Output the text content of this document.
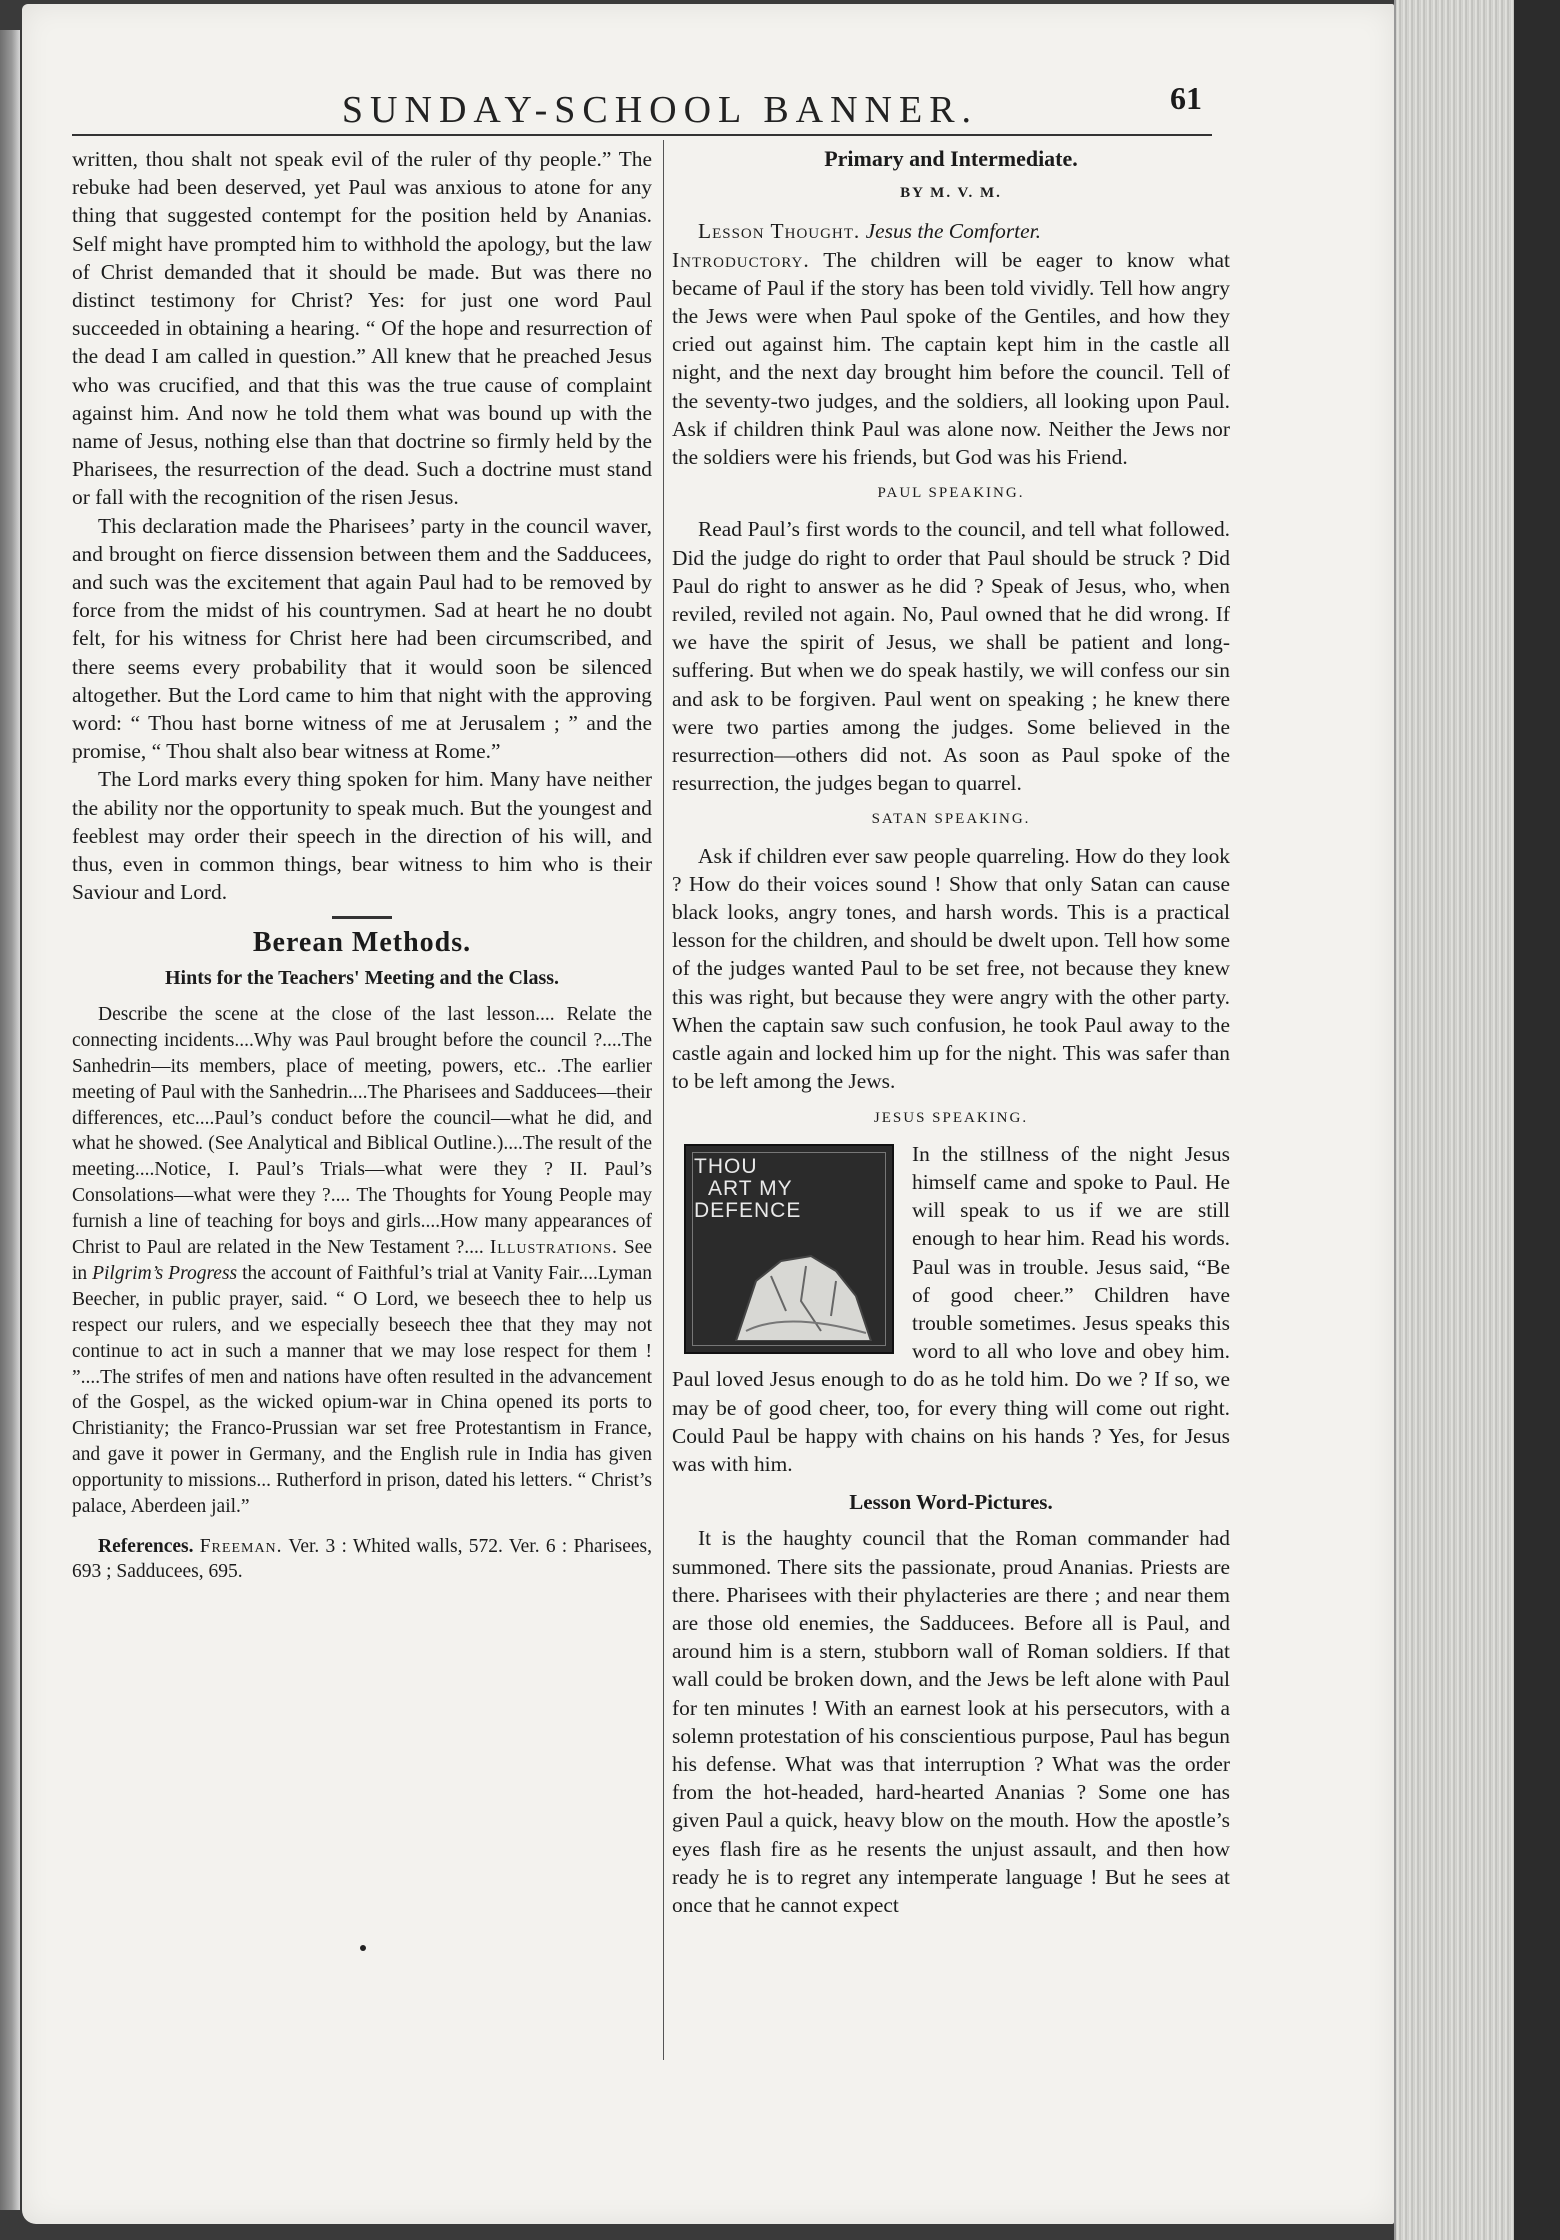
SUNDAY-SCHOOL BANNER.	61

written, thou shalt not speak evil of the ruler of thy people.” The rebuke had been deserved, yet Paul was anxious to atone for any thing that suggested contempt for the position held by Ananias. Self might have prompted him to withhold the apology, but the law of Christ demanded that it should be made. But was there no distinct testimony for Christ? Yes: for just one word Paul succeeded in obtaining a hearing. “ Of the hope and resurrection of the dead I am called in question.” All knew that he preached Jesus who was crucified, and that this was the true cause of complaint against him. And now he told them what was bound up with the name of Jesus, nothing else than that doctrine so firmly held by the Pharisees, the resurrection of the dead. Such a doctrine must stand or fall with the recognition of the risen Jesus.

This declaration made the Pharisees’ party in the council waver, and brought on fierce dissension between them and the Sadducees, and such was the excitement that again Paul had to be removed by force from the midst of his countrymen. Sad at heart he no doubt felt, for his witness for Christ here had been circumscribed, and there seems every probability that it would soon be silenced altogether. But the Lord came to him that night with the approving word: “ Thou hast borne witness of me at Jerusalem ; ” and the promise, “ Thou shalt also bear witness at Rome.”

The Lord marks every thing spoken for him. Many have neither the ability nor the opportunity to speak much. But the youngest and feeblest may order their speech in the direction of his will, and thus, even in common things, bear witness to him who is their Saviour and Lord.

Berean Methods.
Hints for the Teachers' Meeting and the Class.

Describe the scene at the close of the last lesson.... Relate the connecting incidents....Why was Paul brought before the council ?....The Sanhedrin—its members, place of meeting, powers, etc.. .The earlier meeting of Paul with the Sanhedrin....The Pharisees and Sadducees—their differences, etc....Paul’s conduct before the council—what he did, and what he showed. (See Analytical and Biblical Outline.)....The result of the meeting....Notice, I. Paul’s Trials—what were they ? II. Paul’s Consolations—what were they ?.... The Thoughts for Young People may furnish a line of teaching for boys and girls....How many appearances of Christ to Paul are related in the New Testament ?.... Illustrations. See in Pilgrim’s Progress the account of Faithful’s trial at Vanity Fair....Lyman Beecher, in public prayer, said. “ O Lord, we beseech thee to help us respect our rulers, and we especially beseech thee that they may not continue to act in such a manner that we may lose respect for them ! ”....The strifes of men and nations have often resulted in the advancement of the Gospel, as the wicked opium-war in China opened its ports to Christianity; the Franco-Prussian war set free Protestantism in France, and gave it power in Germany, and the English rule in India has given opportunity to missions... Rutherford in prison, dated his letters. “ Christ’s palace, Aberdeen jail.”

References. Freeman. Ver. 3 : Whited walls, 572. Ver. 6 : Pharisees, 693 ; Sadducees, 695.
Primary and Intermediate.
BY M. V. M.

Lesson Thought. Jesus the Comforter.

Introductory. The children will be eager to know what became of Paul if the story has been told vividly. Tell how angry the Jews were when Paul spoke of the Gentiles, and how they cried out against him. The captain kept him in the castle all night, and the next day brought him before the council. Tell of the seventy-two judges, and the soldiers, all looking upon Paul. Ask if children think Paul was alone now. Neither the Jews nor the soldiers were his friends, but God was his Friend.

PAUL SPEAKING.

Read Paul’s first words to the council, and tell what followed. Did the judge do right to order that Paul should be struck ? Did Paul do right to answer as he did ? Speak of Jesus, who, when reviled, reviled not again. No, Paul owned that he did wrong. If we have the spirit of Jesus, we shall be patient and long-suffering. But when we do speak hastily, we will confess our sin and ask to be forgiven. Paul went on speaking ; he knew there were two parties among the judges. Some believed in the resurrection—others did not. As soon as Paul spoke of the resurrection, the judges began to quarrel.

SATAN SPEAKING.

Ask if children ever saw people quarreling. How do they look ? How do their voices sound ! Show that only Satan can cause black looks, angry tones, and harsh words. This is a practical lesson for the children, and should be dwelt upon. Tell how some of the judges wanted Paul to be set free, not because they knew this was right, but because they were angry with the other party. When the captain saw such confusion, he took Paul away to the castle again and locked him up for the night. This was safer than to be left among the Jews.

JESUS SPEAKING.
THOU
ART MY
DEFENCE

In the stillness of the night Jesus himself came and spoke to Paul. He will speak to us if we are still enough to hear him. Read his words. Paul was in trouble. Jesus said, “Be of good cheer.” Children have trouble sometimes. Jesus speaks this word to all who love and obey him. Paul loved Jesus enough to do as he told him. Do we ? If so, we may be of good cheer, too, for every thing will come out right. Could Paul be happy with chains on his hands ? Yes, for Jesus was with him.

Lesson Word-Pictures.

It is the haughty council that the Roman commander had summoned. There sits the passionate, proud Ananias. Priests are there. Pharisees with their phylacteries are there ; and near them are those old enemies, the Sadducees. Before all is Paul, and around him is a stern, stubborn wall of Roman soldiers. If that wall could be broken down, and the Jews be left alone with Paul for ten minutes ! With an earnest look at his persecutors, with a solemn protestation of his conscientious purpose, Paul has begun his defense. What was that interruption ? What was the order from the hot-headed, hard-hearted Ananias ? Some one has given Paul a quick, heavy blow on the mouth. How the apostle’s eyes flash fire as he resents the unjust assault, and then how ready he is to regret any intemperate language ! But he sees at once that he cannot expect
